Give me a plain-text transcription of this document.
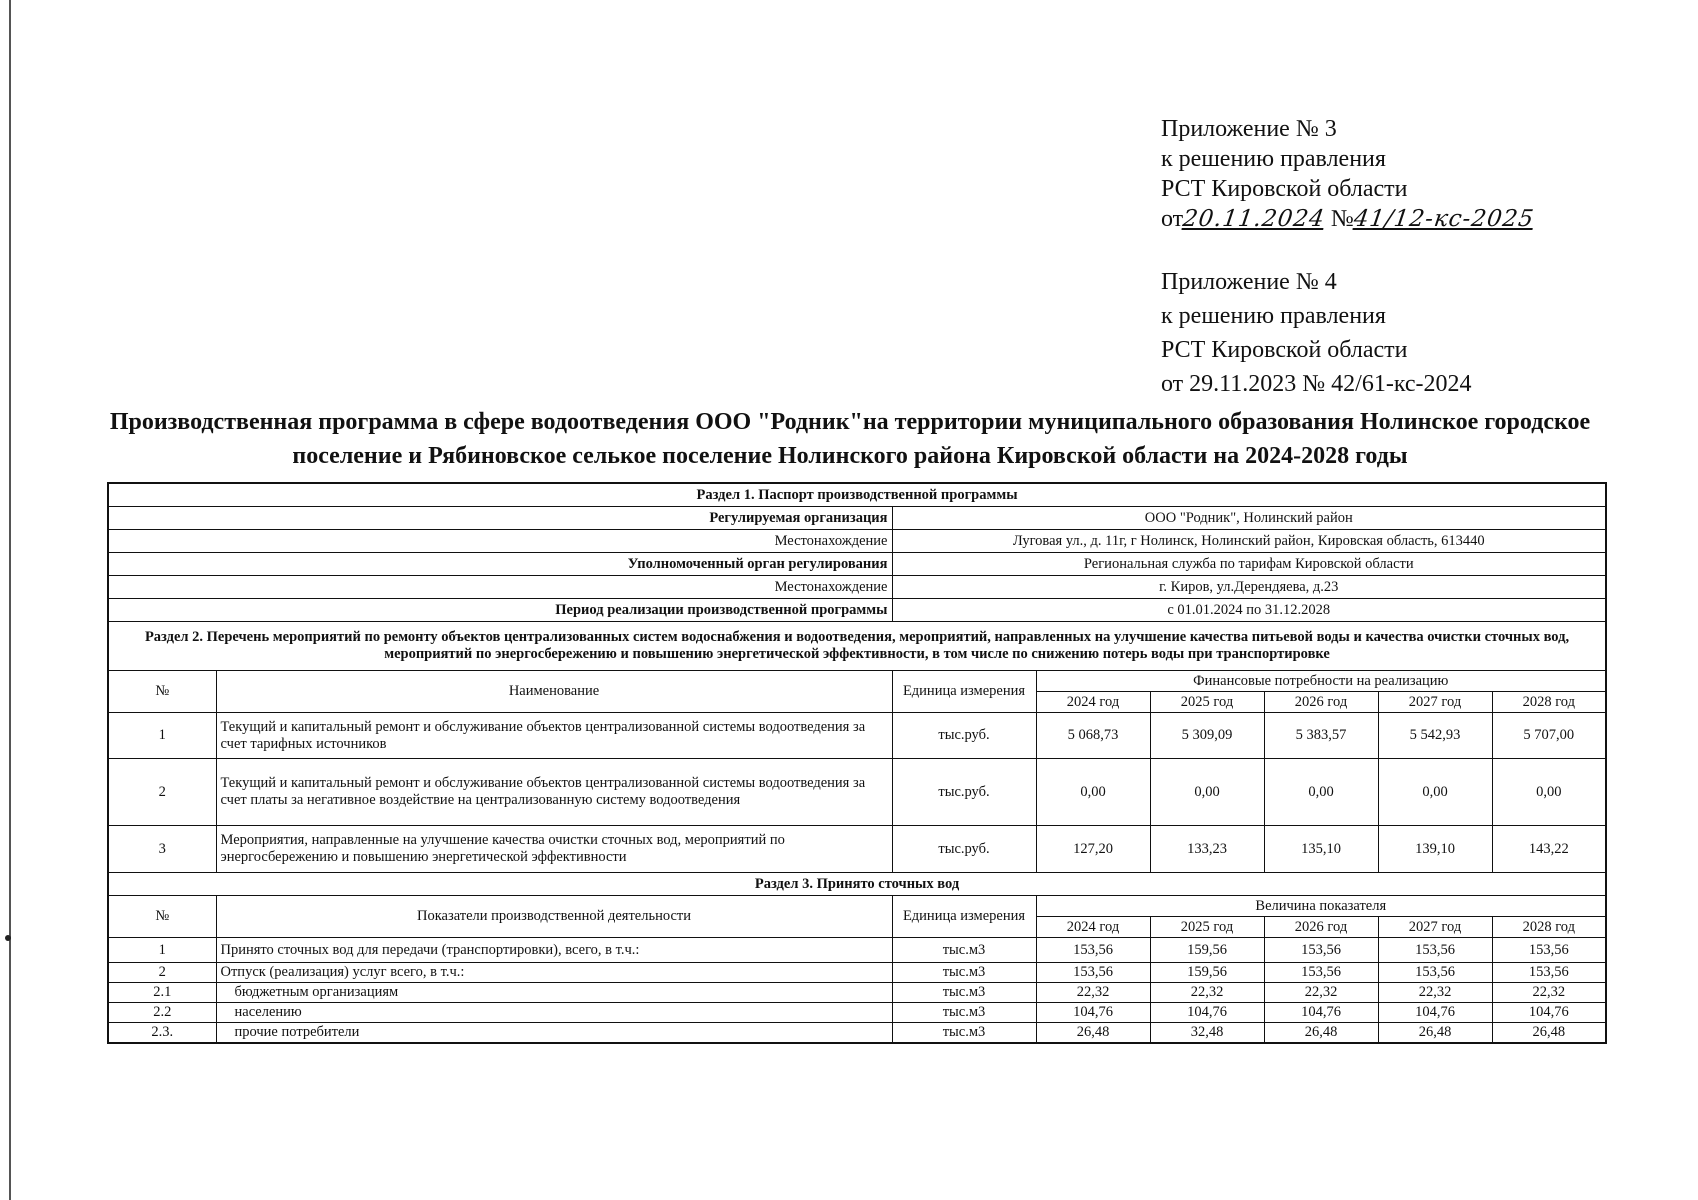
Приложение № 3
к решению правления
РСТ Кировской области
от20.11.2024 №41/12-кс-2025
Приложение № 4
к решению правления
РСТ Кировской области
от 29.11.2023 № 42/61-кс-2024
Производственная программа в сфере водоотведения ООО "Родник"на территории муниципального образования Нолинское городское поселение и Рябиновское селькое поселение Нолинского района Кировской области на 2024-2028 годы
Раздел 1. Паспорт производственной программы							
Регулируемая организация		ООО "Родник", Нолинский район					
Местонахождение		Луговая ул., д. 11г, г Нолинск, Нолинский район, Кировская область, 613440					
Уполномоченный орган регулирования		Региональная служба по тарифам Кировской области					
Местонахождение		г. Киров, ул.Дерендяева, д.23					
Период реализации производственной программы		с 01.01.2024 по 31.12.2028					
Раздел 2. Перечень мероприятий по ремонту объектов централизованных систем водоснабжения и водоотведения, мероприятий, направленных на улучшение качества питьевой воды и качества очистки сточных вод, мероприятий по энергосбережению и повышению энергетической эффективности, в том числе по снижению потерь воды при транспортировке							
№	Наименование	Единица измерения	Финансовые потребности на реализацию				
			2024 год	2025 год	2026 год	2027 год	2028 год
1	Текущий и капитальный ремонт и обслуживание объектов централизованной системы водоотведения за счет тарифных источников	тыс.руб.	5 068,73	5 309,09	5 383,57	5 542,93	5 707,00
2	Текущий и капитальный ремонт и обслуживание объектов централизованной системы водоотведения за счет платы за негативное воздействие на централизованную систему водоотведения	тыс.руб.	0,00	0,00	0,00	0,00	0,00
3	Мероприятия, направленные на улучшение качества очистки сточных вод, мероприятий по энергосбережению и повышению энергетической эффективности	тыс.руб.	127,20	133,23	135,10	139,10	143,22
Раздел 3. Принято сточных вод							
№	Показатели производственной деятельности	Единица измерения	Величина показателя				
			2024 год	2025 год	2026 год	2027 год	2028 год
1	Принято сточных вод для передачи (транспортировки), всего, в т.ч.:	тыс.м3	153,56	159,56	153,56	153,56	153,56
2	Отпуск (реализация) услуг всего, в т.ч.:	тыс.м3	153,56	159,56	153,56	153,56	153,56
2.1	бюджетным организациям	тыс.м3	22,32	22,32	22,32	22,32	22,32
2.2	населению	тыс.м3	104,76	104,76	104,76	104,76	104,76
2.3.	прочие потребители	тыс.м3	26,48	32,48	26,48	26,48	26,48
